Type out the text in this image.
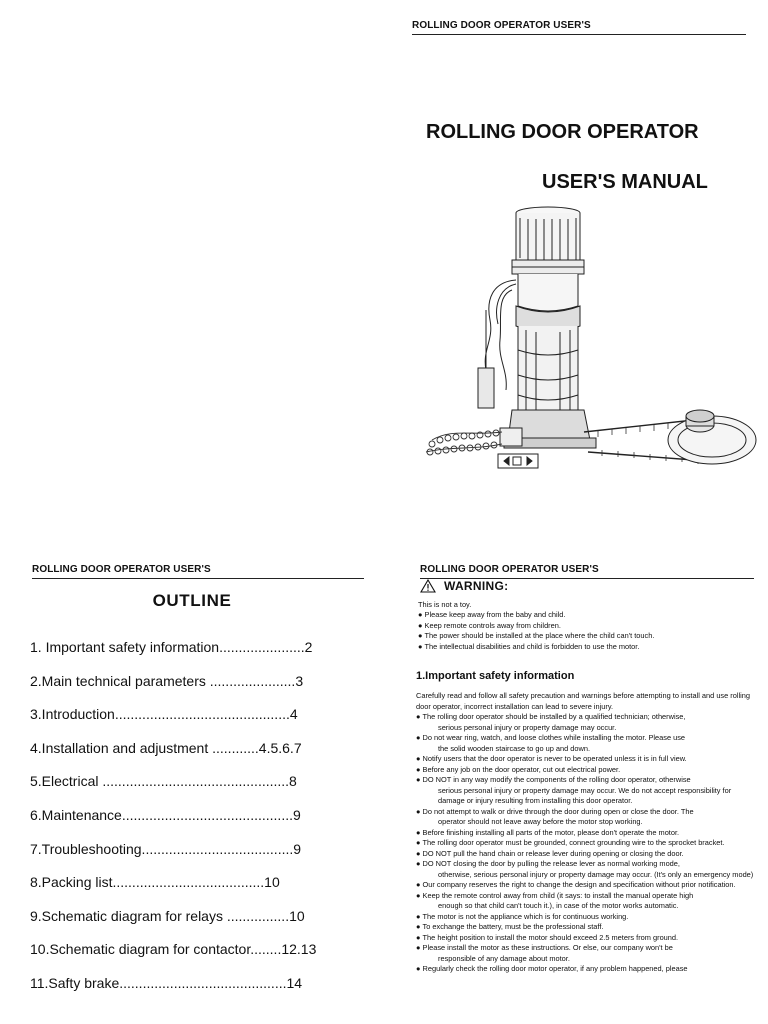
ROLLING DOOR OPERATOR USER'S
ROLLING DOOR OPERATOR
USER'S MANUAL
ROLLING DOOR OPERATOR USER'S
OUTLINE
1. Important safety information......................2
2.Main technical parameters ......................3
3.Introduction.............................................4
4.Installation and adjustment ............4.5.6.7
5.Electrical ................................................8
6.Maintenance............................................9
7.Troubleshooting.......................................9
8.Packing list.......................................10
9.Schematic diagram for relays ................10
10.Schematic diagram for contactor........12.13
11.Safty brake...........................................14
ROLLING DOOR OPERATOR USER'S
WARNING:
This is not a toy.
● Please keep away from the baby and child.
● Keep remote controls away from children.
● The power should be installed at the place where the child can't touch.
● The intellectual disabilities and child is forbidden to use the motor.
1.Important safety information
Carefully read and follow all safety precaution and warnings before attempting to install and use rolling door operator, incorrect installation can lead to severe injury.
● The rolling door operator should be installed by a qualified technician; otherwise,
serious personal injury or property damage may occur.
● Do not wear ring, watch, and loose clothes while installing the motor. Please use
the solid wooden staircase to go up and down.
● Notify users that the door operator is never to be operated unless it is in full view.
● Before any job on the door operator, cut out electrical power.
● DO NOT in any way modify the components of the rolling door operator, otherwise
serious personal injury or property damage may occur. We do not accept responsibility for damage or injury resulting from installing this door operator.
● Do not attempt to walk or drive through the door during open or close the door. The
operator should not leave away before the motor stop working.
● Before finishing installing all parts of the motor, please don't operate the motor.
● The rolling door operator must be grounded, connect grounding wire to the sprocket bracket.
● DO NOT pull the hand chain or release lever during opening or closing the door.
● DO NOT closing the door by pulling the release lever as normal working mode,
otherwise, serious personal injury or property damage may occur. (It's only an emergency mode)
● Our company reserves the right to change the design and specification without prior notification.
● Keep the remote control away from child (it says: to install the manual operate high
enough so that child can't touch it.), in case of the motor works automatic.
● The motor is not the appliance which is for continuous working.
● To exchange the battery, must be the professional staff.
● The height position to install the motor should exceed 2.5 meters from ground.
● Please install the motor as these instructions. Or else, our company won't be
responsible of any damage about motor.
● Regularly check the rolling door motor operator, if any problem happened, please
